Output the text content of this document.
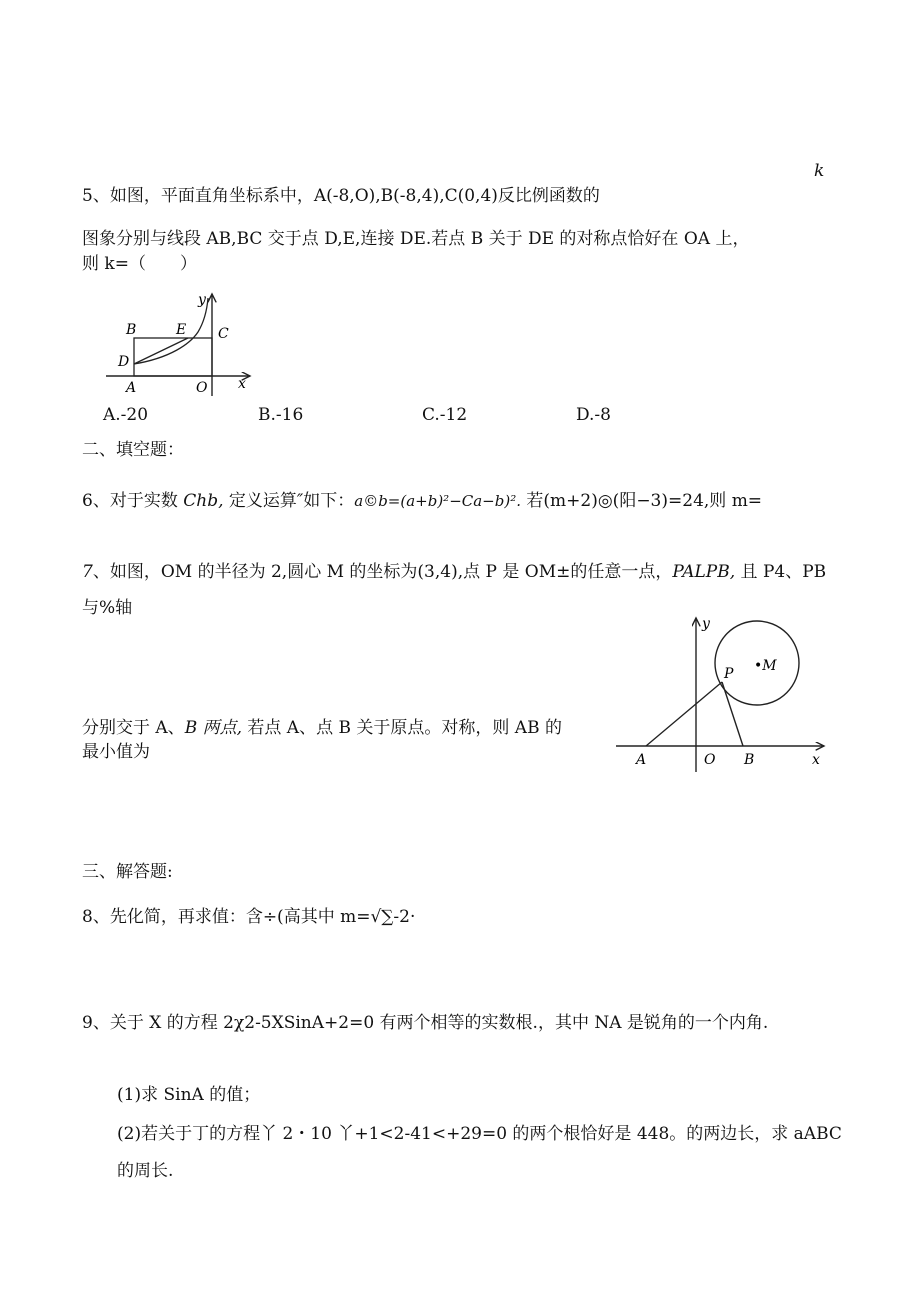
k
5、如图，平面直角坐标系中，A(-8,O),B(-8,4),C(0,4)反比例函数的
图象分别与线段 AB,BC 交于点 D,E,连接 DE.若点 B 关于 DE 的对称点恰好在 OA 上，
则 k=（　　）
B	E C
D
A	O x
y
A.-20	B.-16	C.-12	D.-8
二、填空题：
6、对于实数 Chb, 定义运算″如下：a©b=(a+b)²−Ca−b)². 若(m+2)◎(阳−3)=24,则 m=
7、如图，OM 的半径为 2,圆心 M 的坐标为(3,4),点 P 是 OM±的任意一点，PALPB, 且 P4、PB
与%轴
分别交于 A、B 两点, 若点 A、点 B 关于原点。对称，则 AB 的
最小值为
y
P •M
A	O B	x
三、解答题:
8、先化简，再求值：含÷(高其中 m=√∑-2·
9、关于 X 的方程 2χ2-5XSinA+2=0 有两个相等的实数根.，其中 NA 是锐角的一个内角.
(1)求 SinA 的值；
(2)若关于丁的方程丫 2・10 丫+1<2-41<+29=0 的两个根恰好是 448。的两边长，求 aABC
的周长.
